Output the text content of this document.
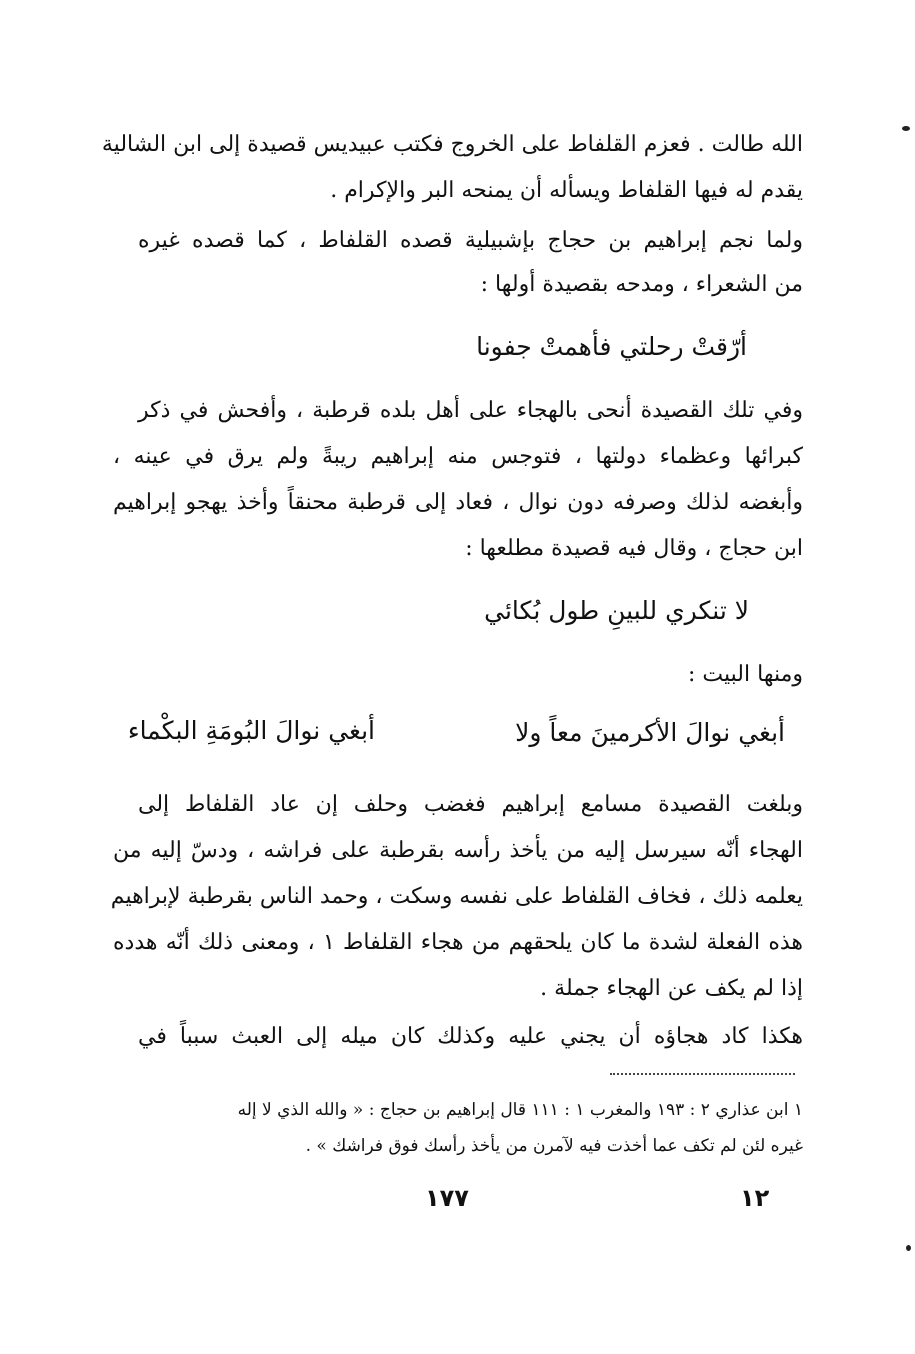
الله طالت . فعزم القلفاط على الخروج فكتب عبيديس قصيدة إلى ابن الشالية
يقدم له فيها القلفاط ويسأله أن يمنحه البر والإكرام .
ولما نجم إبراهيم بن حجاج بإشبيلية قصده القلفاط ، كما قصده غيره
من الشعراء ، ومدحه بقصيدة أولها :
أرّقتْ رحلتي فأهمتْ جفونا
وفي تلك القصيدة أنحى بالهجاء على أهل بلده قرطبة ، وأفحش في ذكر
كبرائها وعظماء دولتها ، فتوجس منه إبراهيم ريبةً ولم يرق في عينه ،
وأبغضه لذلك وصرفه دون نوال ، فعاد إلى قرطبة محنقاً وأخذ يهجو إبراهيم
ابن حجاج ، وقال فيه قصيدة مطلعها :
لا تنكري للبينِ طول بُكائي
ومنها البيت :
أبغي نوالَ الأكرمينَ معاً ولا
أبغي نوالَ البُومَةِ البكْماء
وبلغت القصيدة مسامع إبراهيم فغضب وحلف إن عاد القلفاط إلى
الهجاء أنّه سيرسل إليه من يأخذ رأسه بقرطبة على فراشه ، ودسّ إليه من
يعلمه ذلك ، فخاف القلفاط على نفسه وسكت ، وحمد الناس بقرطبة لإبراهيم
هذه الفعلة لشدة ما كان يلحقهم من هجاء القلفاط ١ ، ومعنى ذلك أنّه هدده
إذا لم يكف عن الهجاء جملة .
هكذا كاد هجاؤه أن يجني عليه وكذلك كان ميله إلى العبث سبباً في
١ ابن عذاري ٢ : ١٩٣ والمغرب ١ : ١١١ قال إبراهيم بن حجاج : « والله الذي لا إله
غيره لئن لم تكف عما أخذت فيه لآمرن من يأخذ رأسك فوق فراشك » .
١٧٧	١٢
